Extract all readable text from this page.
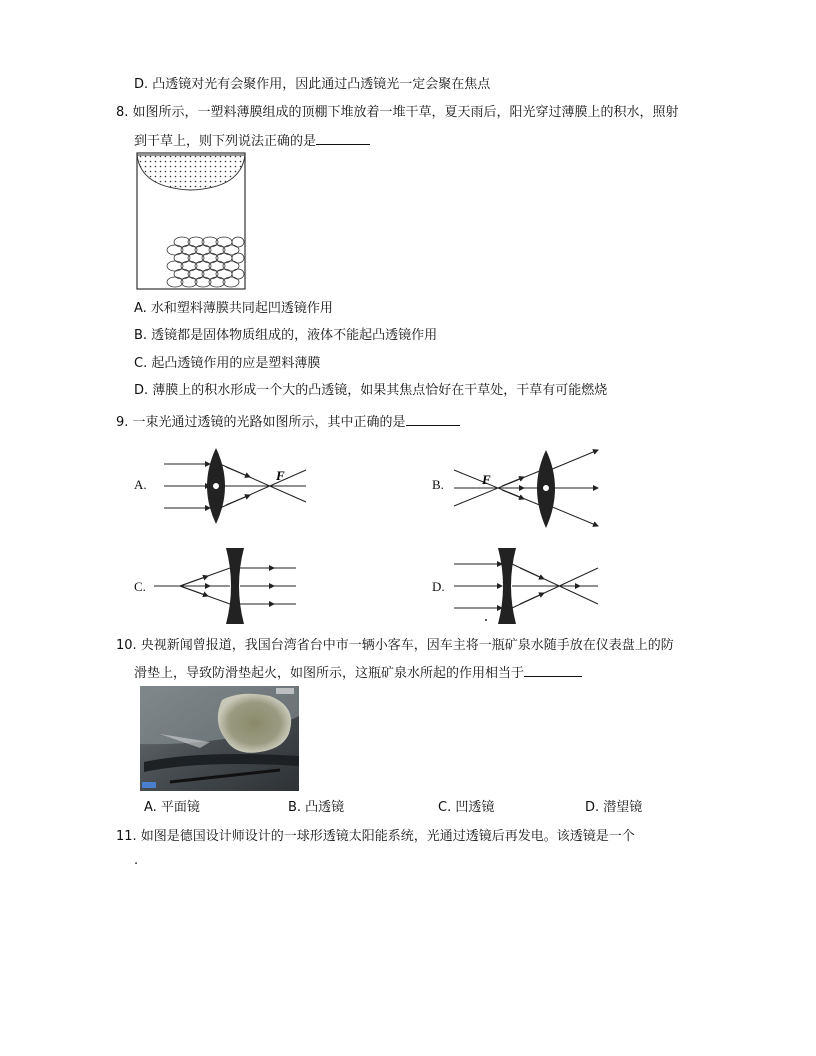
D. 凸透镜对光有会聚作用，因此通过凸透镜光一定会聚在焦点
8. 如图所示，一塑料薄膜组成的顶棚下堆放着一堆干草，夏天雨后，阳光穿过薄膜上的积水，照射
到干草上，则下列说法正确的是
A. 水和塑料薄膜共同起凹透镜作用
B. 透镜都是固体物质组成的，液体不能起凸透镜作用
C. 起凸透镜作用的应是塑料薄膜
D. 薄膜上的积水形成一个大的凸透镜，如果其焦点恰好在干草处，干草有可能燃烧
9. 一束光通过透镜的光路如图所示，其中正确的是
A.	B.
C.	D.
F	F
10. 央视新闻曾报道，我国台湾省台中市一辆小客车，因车主将一瓶矿泉水随手放在仪表盘上的防
滑垫上，导致防滑垫起火，如图所示，这瓶矿泉水所起的作用相当于
A. 平面镜	B. 凸透镜	C. 凹透镜	D. 潜望镜
11. 如图是德国设计师设计的一球形透镜太阳能系统，光通过透镜后再发电。该透镜是一个
.
